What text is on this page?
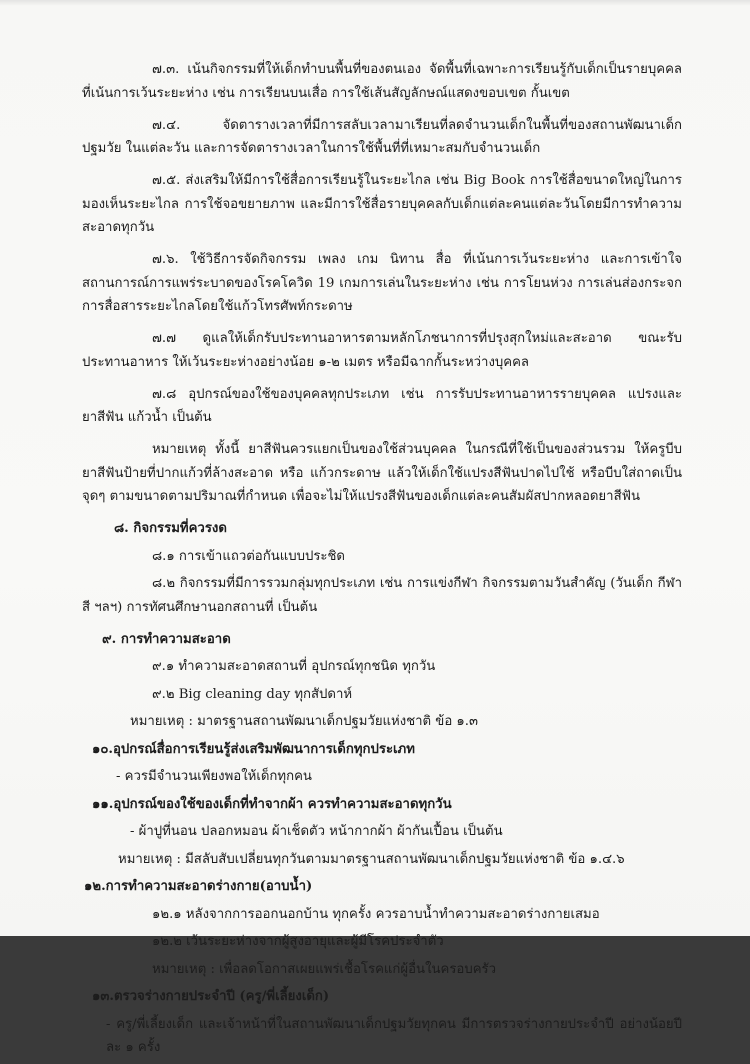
๗.๓. เน้นกิจกรรมที่ให้เด็กทำบนพื้นที่ของตนเอง จัดพื้นที่เฉพาะการเรียนรู้กับเด็กเป็นรายบุคคล ที่เน้นการเว้นระยะห่าง เช่น การเรียนบนเสื่อ การใช้เส้นสัญลักษณ์แสดงขอบเขต กั้นเขต

๗.๔. จัดตารางเวลาที่มีการสลับเวลามาเรียนที่ลดจำนวนเด็กในพื้นที่ของสถานพัฒนาเด็กปฐมวัย ในแต่ละวัน และการจัดตารางเวลาในการใช้พื้นที่ที่เหมาะสมกับจำนวนเด็ก

๗.๕. ส่งเสริมให้มีการใช้สื่อการเรียนรู้ในระยะไกล เช่น Big Book การใช้สื่อขนาดใหญ่ในการมองเห็นระยะไกล การใช้จอขยายภาพ และมีการใช้สื่อรายบุคคลกับเด็กแต่ละคนแต่ละวันโดยมีการทำความสะอาดทุกวัน

๗.๖. ใช้วิธีการจัดกิจกรรม เพลง เกม นิทาน สื่อ ที่เน้นการเว้นระยะห่าง และการเข้าใจสถานการณ์การแพร่ระบาดของโรคโควิด 19 เกมการเล่นในระยะห่าง เช่น การโยนห่วง การเล่นส่องกระจก การสื่อสารระยะไกลโดยใช้แก้วโทรศัพท์กระดาษ

๗.๗ ดูแลให้เด็กรับประทานอาหารตามหลักโภชนาการที่ปรุงสุกใหม่และสะอาด ขณะรับประทานอาหาร ให้เว้นระยะห่างอย่างน้อย ๑-๒ เมตร หรือมีฉากกั้นระหว่างบุคคล

๗.๘ อุปกรณ์ของใช้ของบุคคลทุกประเภท เช่น การรับประทานอาหารรายบุคคล แปรงและยาสีฟัน แก้วน้ำ เป็นต้น

หมายเหตุ ทั้งนี้ ยาสีฟันควรแยกเป็นของใช้ส่วนบุคคล ในกรณีที่ใช้เป็นของส่วนรวม ให้ครูบีบยาสีฟันป้ายที่ปากแก้วที่ล้างสะอาด หรือ แก้วกระดาษ แล้วให้เด็กใช้แปรงสีฟันปาดไปใช้ หรือบีบใส่ถาดเป็นจุดๆ ตามขนาดตามปริมาณที่กำหนด เพื่อจะไม่ให้แปรงสีฟันของเด็กแต่ละคนสัมผัสปากหลอดยาสีฟัน

๘. กิจกรรมที่ควรงด

๘.๑ การเข้าแถวต่อกันแบบประชิด

๘.๒ กิจกรรมที่มีการรวมกลุ่มทุกประเภท เช่น การแข่งกีฬา กิจกรรมตามวันสำคัญ (วันเด็ก กีฬาสี ฯลฯ) การทัศนศึกษานอกสถานที่ เป็นต้น

๙. การทำความสะอาด

๙.๑ ทำความสะอาดสถานที่ อุปกรณ์ทุกชนิด ทุกวัน

๙.๒ Big cleaning day ทุกสัปดาห์

หมายเหตุ : มาตรฐานสถานพัฒนาเด็กปฐมวัยแห่งชาติ ข้อ ๑.๓

๑๐.อุปกรณ์สื่อการเรียนรู้ส่งเสริมพัฒนาการเด็กทุกประเภท

- ควรมีจำนวนเพียงพอให้เด็กทุกคน

๑๑.อุปกรณ์ของใช้ของเด็กที่ทำจากผ้า ควรทำความสะอาดทุกวัน

- ผ้าปูที่นอน ปลอกหมอน ผ้าเช็ดตัว หน้ากากผ้า ผ้ากันเปื้อน เป็นต้น

หมายเหตุ : มีสลับสับเปลี่ยนทุกวันตามมาตรฐานสถานพัฒนาเด็กปฐมวัยแห่งชาติ ข้อ ๑.๔.๖

๑๒.การทำความสะอาดร่างกาย(อาบน้ำ)

๑๒.๑ หลังจากการออกนอกบ้าน ทุกครั้ง ควรอาบน้ำทำความสะอาดร่างกายเสมอ

๑๒.๒ เว้นระยะห่างจากผู้สูงอายุและผู้มีโรคประจำตัว

หมายเหตุ : เพื่อลดโอกาสเผยแพร่เชื้อโรคแก่ผู้อื่นในครอบครัว

๑๓.ตรวจร่างกายประจำปี (ครู/พี่เลี้ยงเด็ก)

- ครู/พี่เลี้ยงเด็ก และเจ้าหน้าที่ในสถานพัฒนาเด็กปฐมวัยทุกคน มีการตรวจร่างกายประจำปี อย่างน้อยปีละ ๑ ครั้ง
